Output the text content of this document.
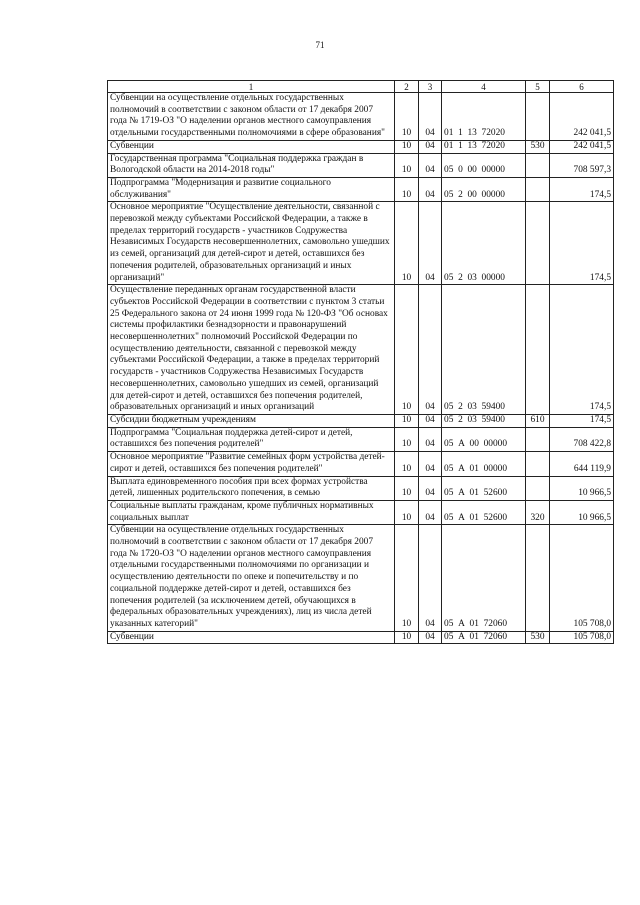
71
1	2	3	4	5	6
Субвенции на осуществление отдельных государственных полномочий в соответствии с законом области от 17 декабря 2007 года № 1719-ОЗ "О наделении органов местного самоуправления отдельными государственными полномочиями в сфере образования"	10	04	01  1  13  72020		242 041,5
Субвенции	10	04	01  1  13  72020	530	242 041,5
Государственная программа "Социальная поддержка граждан в Вологодской области на 2014-2018 годы"	10	04	05  0  00  00000		708 597,3
Подпрограмма "Модернизация и развитие социального обслуживания"	10	04	05  2  00  00000		174,5
Основное мероприятие "Осуществление деятельности, связанной с перевозкой между субъектами Российской Федерации, а также в пределах территорий государств - участников Содружества Независимых Государств несовершеннолетних, самовольно ушедших из семей, организаций для детей-сирот и детей, оставшихся без попечения родителей, образовательных организаций и иных организаций"	10	04	05  2  03  00000		174,5
Осуществление переданных органам государственной власти субъектов Российской Федерации в соответствии с пунктом 3 статьи 25 Федерального закона от 24 июня 1999 года № 120-ФЗ "Об основах системы профилактики безнадзорности и правонарушений несовершеннолетних" полномочий Российской Федерации по осуществлению деятельности, связанной с перевозкой между субъектами Российской Федерации, а также в пределах территорий государств - участников Содружества Независимых Государств несовершеннолетних, самовольно ушедших из семей, организаций для детей-сирот и детей, оставшихся без попечения родителей, образовательных организаций и иных организаций	10	04	05  2  03  59400		174,5
Субсидии бюджетным учреждениям	10	04	05  2  03  59400	610	174,5
Подпрограмма "Социальная поддержка детей-сирот и детей, оставшихся без попечения родителей"	10	04	05  А  00  00000		708 422,8
Основное мероприятие "Развитие семейных форм устройства детей-сирот и детей, оставшихся без попечения родителей"	10	04	05  А  01  00000		644 119,9
Выплата единовременного пособия при всех формах устройства детей, лишенных родительского попечения, в семью	10	04	05  А  01  52600		10 966,5
Социальные выплаты гражданам, кроме публичных нормативных социальных выплат	10	04	05  А  01  52600	320	10 966,5
Субвенции на осуществление отдельных государственных полномочий в соответствии с законом области от 17 декабря 2007 года № 1720-ОЗ "О наделении органов местного самоуправления отдельными государственными полномочиями по организации и осуществлению деятельности по опеке и попечительству и по социальной поддержке детей-сирот и детей, оставшихся без попечения родителей (за исключением детей, обучающихся в федеральных образовательных учреждениях), лиц из числа детей указанных категорий"	10	04	05  А  01  72060		105 708,0
Субвенции	10	04	05  А  01  72060	530	105 708,0
